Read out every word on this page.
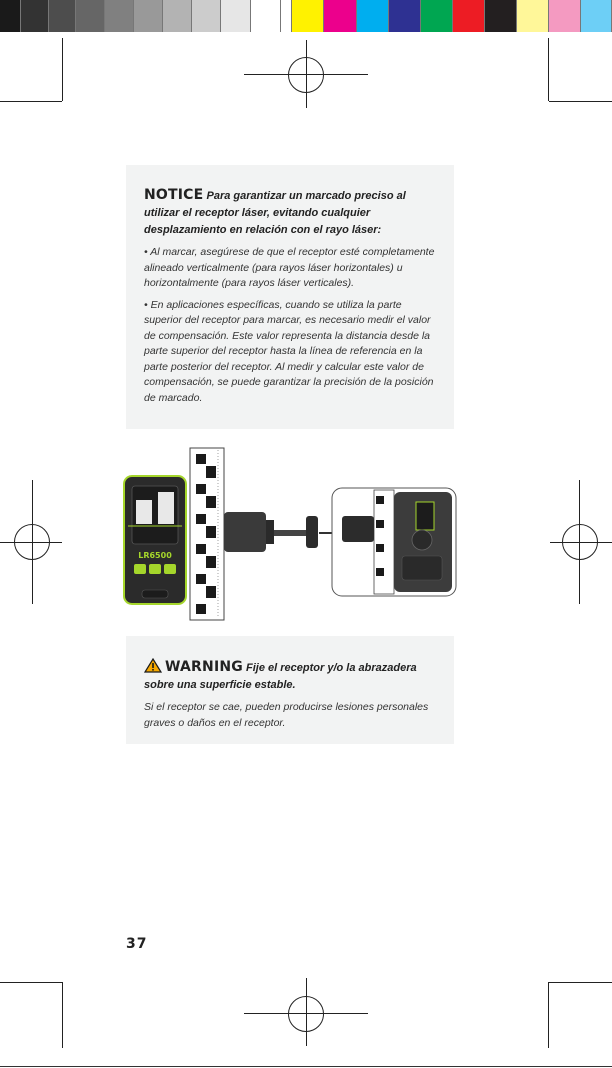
NOTICE Para garantizar un marcado preciso al utilizar el receptor láser, evitando cualquier desplazamiento en relación con el rayo láser:

• Al marcar, asegúrese de que el receptor esté completamente alineado verticalmente (para rayos láser horizontales) u horizontalmente (para rayos láser verticales).

• En aplicaciones específicas, cuando se utiliza la parte superior del receptor para marcar, es necesario medir el valor de compensación. Este valor representa la distancia desde la parte superior del receptor hasta la línea de referencia en la parte posterior del receptor. Al medir y calcular este valor de compensación, se puede garantizar la precisión de la posición de marcado.

LR6500

WARNING Fije el receptor y/o la abrazadera sobre una superficie estable.

Si el receptor se cae, pueden producirse lesiones personales graves o daños en el receptor.

37
